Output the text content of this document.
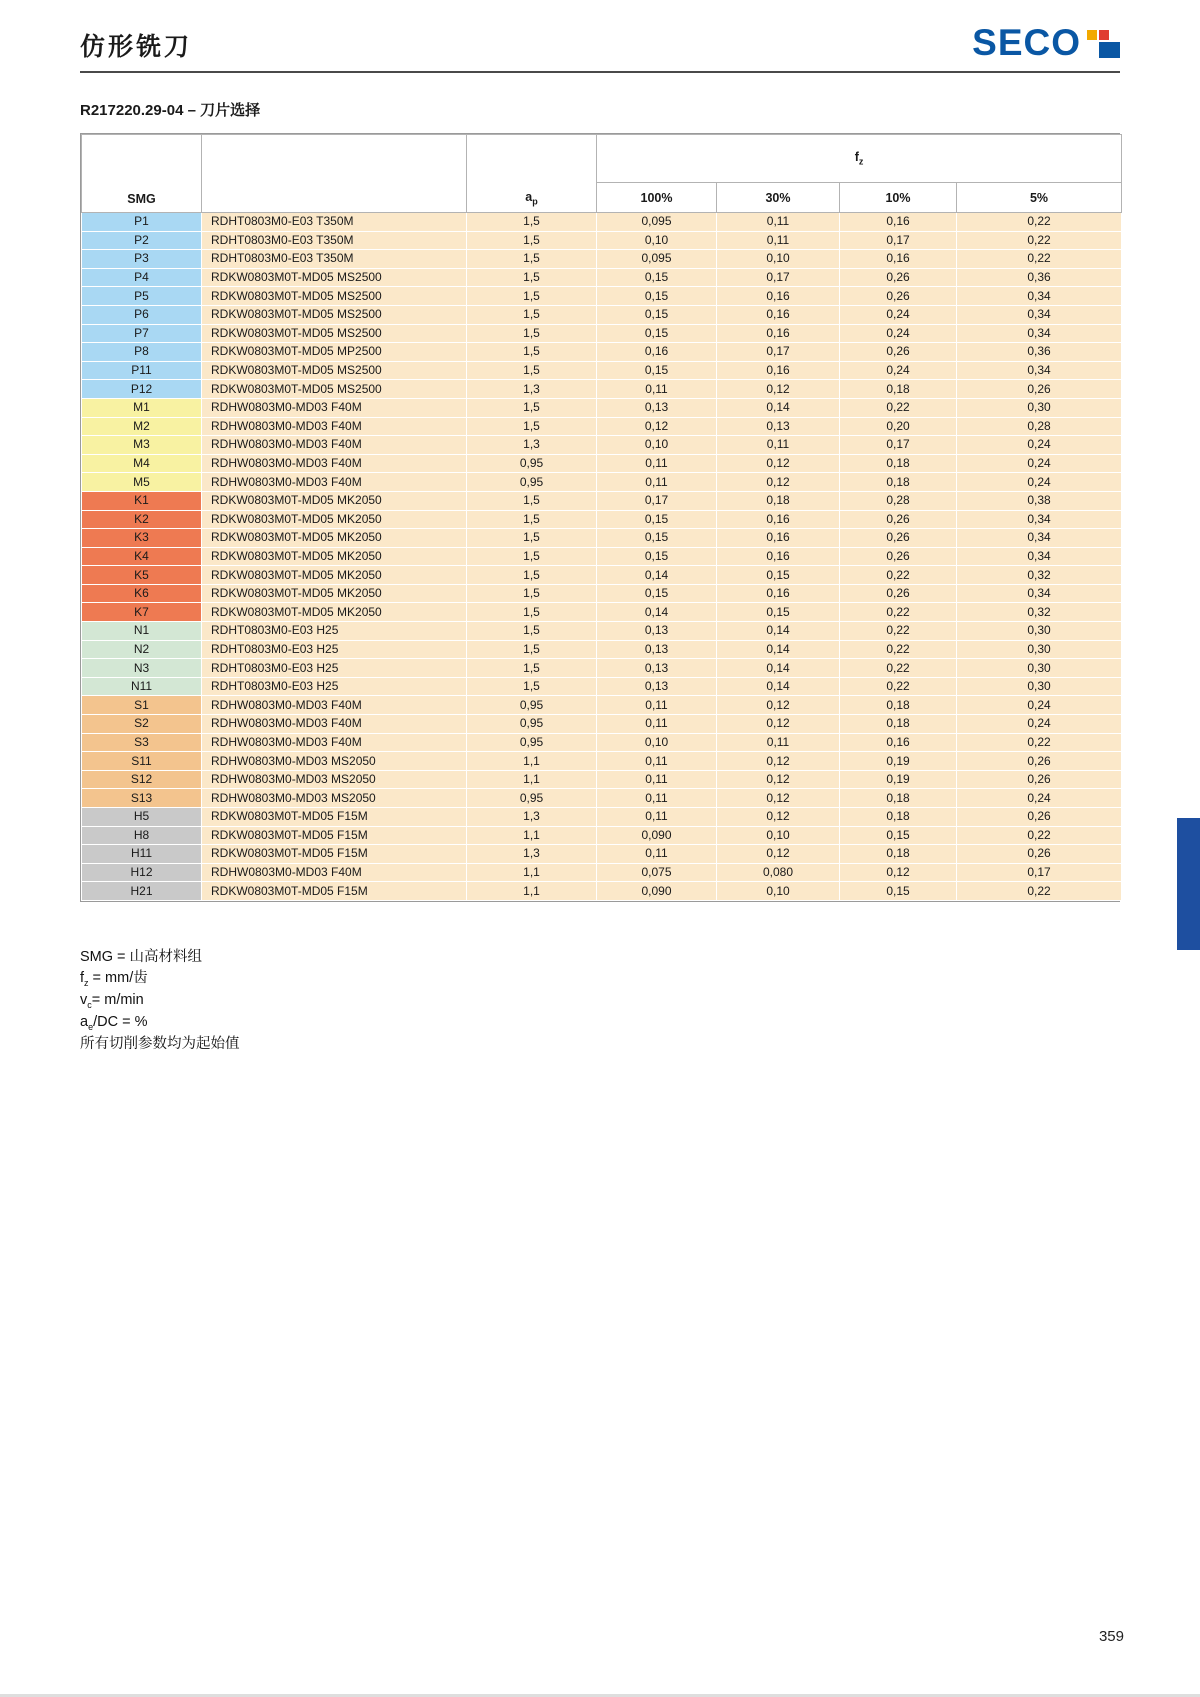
仿形铣刀	SECO
R217220.29-04 – 刀片选择
SMG		$a_p$	$f_z$
			100%	30%	10%	5%
P1	RDHT0803M0-E03 T350M	1,5	0,095	0,11	0,16	0,22
P2	RDHT0803M0-E03 T350M	1,5	0,10	0,11	0,17	0,22
P3	RDHT0803M0-E03 T350M	1,5	0,095	0,10	0,16	0,22
P4	RDKW0803M0T-MD05 MS2500	1,5	0,15	0,17	0,26	0,36
P5	RDKW0803M0T-MD05 MS2500	1,5	0,15	0,16	0,26	0,34
P6	RDKW0803M0T-MD05 MS2500	1,5	0,15	0,16	0,24	0,34
P7	RDKW0803M0T-MD05 MS2500	1,5	0,15	0,16	0,24	0,34
P8	RDKW0803M0T-MD05 MP2500	1,5	0,16	0,17	0,26	0,36
P11	RDKW0803M0T-MD05 MS2500	1,5	0,15	0,16	0,24	0,34
P12	RDKW0803M0T-MD05 MS2500	1,3	0,11	0,12	0,18	0,26
M1	RDHW0803M0-MD03 F40M	1,5	0,13	0,14	0,22	0,30
M2	RDHW0803M0-MD03 F40M	1,5	0,12	0,13	0,20	0,28
M3	RDHW0803M0-MD03 F40M	1,3	0,10	0,11	0,17	0,24
M4	RDHW0803M0-MD03 F40M	0,95	0,11	0,12	0,18	0,24
M5	RDHW0803M0-MD03 F40M	0,95	0,11	0,12	0,18	0,24
K1	RDKW0803M0T-MD05 MK2050	1,5	0,17	0,18	0,28	0,38
K2	RDKW0803M0T-MD05 MK2050	1,5	0,15	0,16	0,26	0,34
K3	RDKW0803M0T-MD05 MK2050	1,5	0,15	0,16	0,26	0,34
K4	RDKW0803M0T-MD05 MK2050	1,5	0,15	0,16	0,26	0,34
K5	RDKW0803M0T-MD05 MK2050	1,5	0,14	0,15	0,22	0,32
K6	RDKW0803M0T-MD05 MK2050	1,5	0,15	0,16	0,26	0,34
K7	RDKW0803M0T-MD05 MK2050	1,5	0,14	0,15	0,22	0,32
N1	RDHT0803M0-E03 H25	1,5	0,13	0,14	0,22	0,30
N2	RDHT0803M0-E03 H25	1,5	0,13	0,14	0,22	0,30
N3	RDHT0803M0-E03 H25	1,5	0,13	0,14	0,22	0,30
N11	RDHT0803M0-E03 H25	1,5	0,13	0,14	0,22	0,30
S1	RDHW0803M0-MD03 F40M	0,95	0,11	0,12	0,18	0,24
S2	RDHW0803M0-MD03 F40M	0,95	0,11	0,12	0,18	0,24
S3	RDHW0803M0-MD03 F40M	0,95	0,10	0,11	0,16	0,22
S11	RDHW0803M0-MD03 MS2050	1,1	0,11	0,12	0,19	0,26
S12	RDHW0803M0-MD03 MS2050	1,1	0,11	0,12	0,19	0,26
S13	RDHW0803M0-MD03 MS2050	0,95	0,11	0,12	0,18	0,24
H5	RDKW0803M0T-MD05 F15M	1,3	0,11	0,12	0,18	0,26
H8	RDKW0803M0T-MD05 F15M	1,1	0,090	0,10	0,15	0,22
H11	RDKW0803M0T-MD05 F15M	1,3	0,11	0,12	0,18	0,26
H12	RDHW0803M0-MD03 F40M	1,1	0,075	0,080	0,12	0,17
H21	RDKW0803M0T-MD05 F15M	1,1	0,090	0,10	0,15	0,22
SMG = 山高材料组
$f_z = mm/$齿
$v_c= m/\min$
$a_e/DC$ = %
所有切削参数均为起始值
359
